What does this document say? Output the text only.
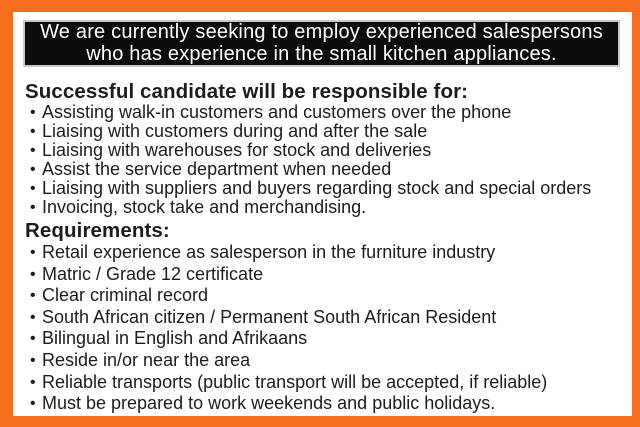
We are currently seeking to employ experienced salespersons
who has experience in the small kitchen appliances.
Successful candidate will be responsible for:
• Assisting walk-in customers and customers over the phone
• Liaising with customers during and after the sale
• Liaising with warehouses for stock and deliveries
• Assist the service department when needed
• Liaising with suppliers and buyers regarding stock and special orders
• Invoicing, stock take and merchandising.
Requirements:
• Retail experience as salesperson in the furniture industry
• Matric / Grade 12 certificate
• Clear criminal record
• South African citizen / Permanent South African Resident
• Bilingual in English and Afrikaans
• Reside in/or near the area
• Reliable transports (public transport will be accepted, if reliable)
• Must be prepared to work weekends and public holidays.
